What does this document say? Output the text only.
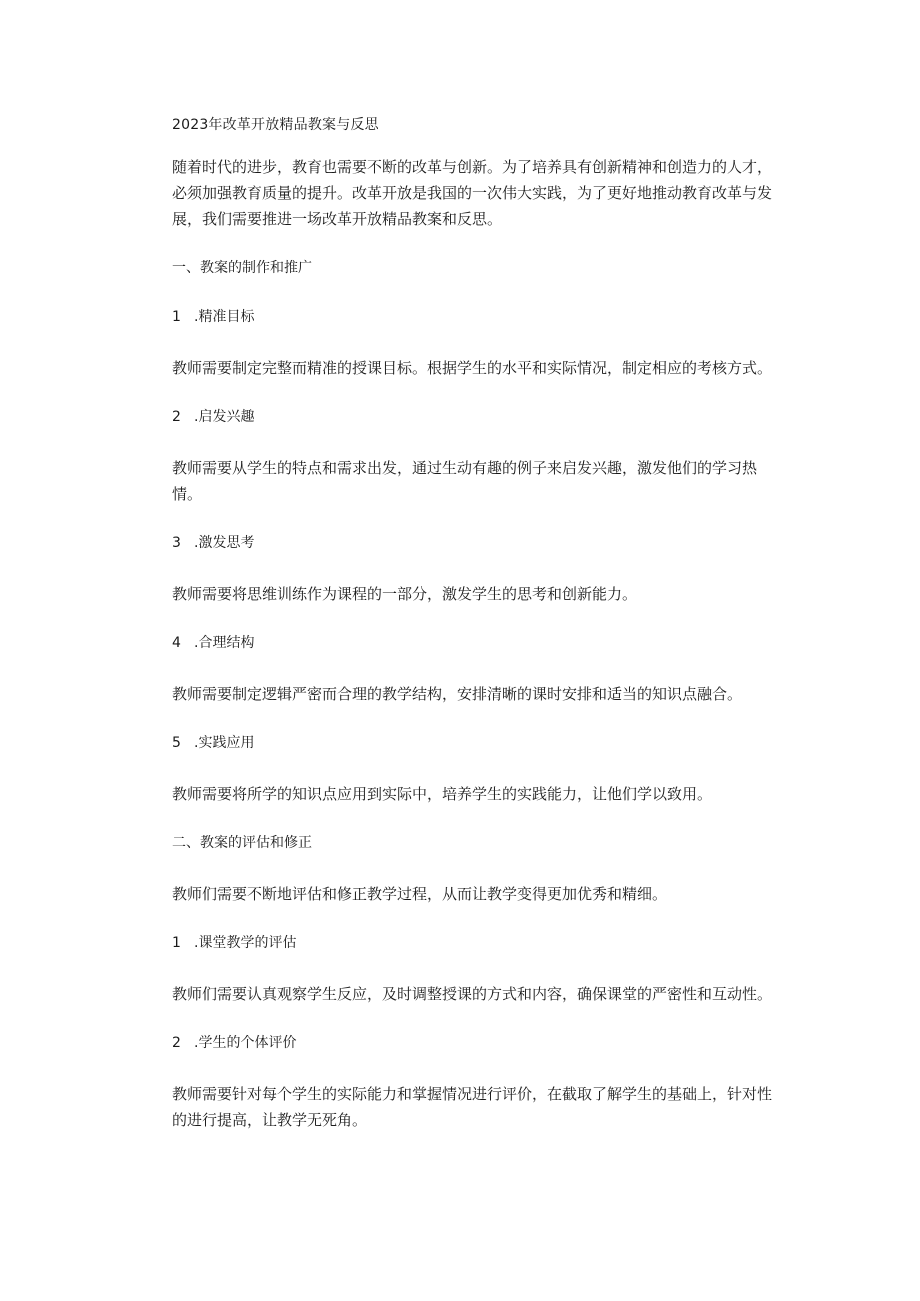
2023年改革开放精品教案与反思

随着时代的进步，教育也需要不断的改革与创新。为了培养具有创新精神和创造力的人才，必须加强教育质量的提升。改革开放是我国的一次伟大实践，为了更好地推动教育改革与发展，我们需要推进一场改革开放精品教案和反思。

一、教案的制作和推广

1 .精准目标

教师需要制定完整而精准的授课目标。根据学生的水平和实际情况，制定相应的考核方式。

2 .启发兴趣

教师需要从学生的特点和需求出发，通过生动有趣的例子来启发兴趣，激发他们的学习热情。

3 .激发思考

教师需要将思维训练作为课程的一部分，激发学生的思考和创新能力。

4 .合理结构

教师需要制定逻辑严密而合理的教学结构，安排清晰的课时安排和适当的知识点融合。

5 .实践应用

教师需要将所学的知识点应用到实际中，培养学生的实践能力，让他们学以致用。

二、教案的评估和修正

教师们需要不断地评估和修正教学过程，从而让教学变得更加优秀和精细。

1 .课堂教学的评估

教师们需要认真观察学生反应，及时调整授课的方式和内容，确保课堂的严密性和互动性。

2 .学生的个体评价

教师需要针对每个学生的实际能力和掌握情况进行评价，在截取了解学生的基础上，针对性的进行提高，让教学无死角。
